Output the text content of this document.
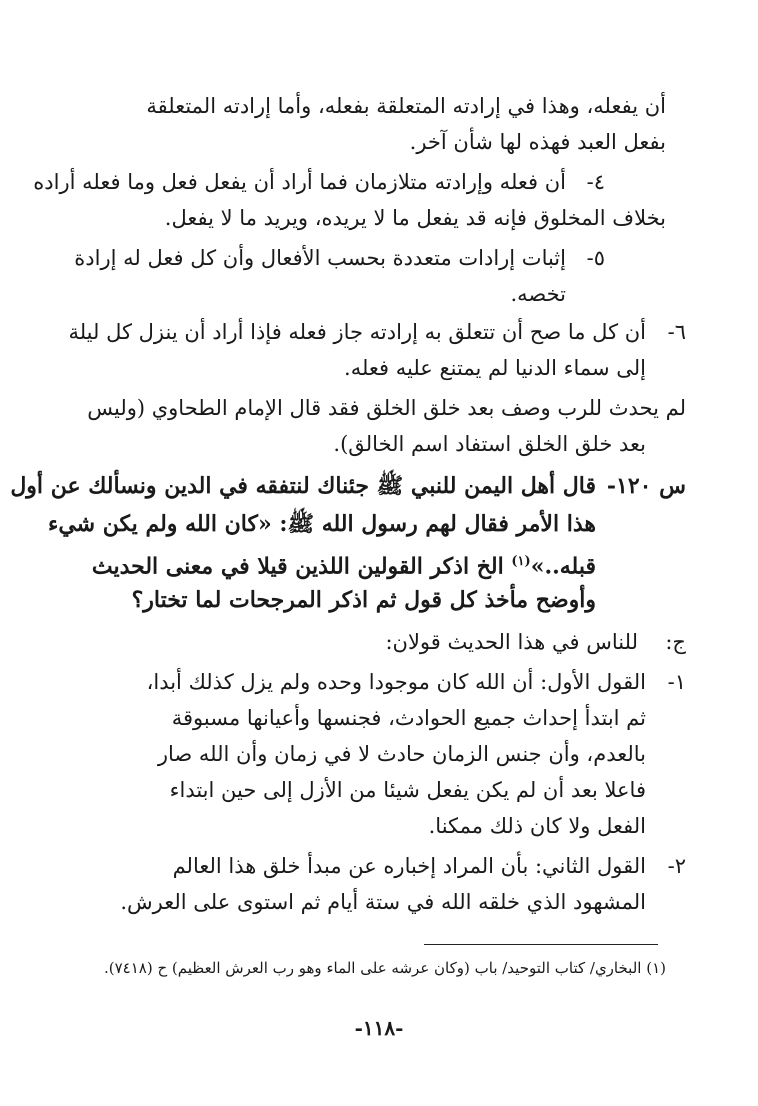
أن يفعله، وهذا في إرادته المتعلقة بفعله، وأما إرادته المتعلقة
بفعل العبد فهذه لها شأن آخر.
٤-
أن فعله وإرادته متلازمان فما أراد أن يفعل فعل وما فعله أراده
بخلاف المخلوق فإنه قد يفعل ما لا يريده، ويريد ما لا يفعل.
٥-
إثبات إرادات متعددة بحسب الأفعال وأن كل فعل له إرادة
تخصه.
٦-
أن كل ما صح أن تتعلق به إرادته جاز فعله فإذا أراد أن ينزل كل ليلة
إلى سماء الدنيا لم يمتنع عليه فعله.
لم يحدث للرب وصف بعد خلق الخلق فقد قال الإمام الطحاوي (وليس
بعد خلق الخلق استفاد اسم الخالق).
س ١٢٠-
قال أهل اليمن للنبي ﷺ جئناك لنتفقه في الدين ونسألك عن أول
هذا الأمر فقال لهم رسول الله ﷺ: «كان الله ولم يكن شيء
قبله..»$^{(١)}$ الخ اذكر القولين اللذين قيلا في معنى الحديث
وأوضح مأخذ كل قول ثم اذكر المرجحات لما تختار؟
ج:
للناس في هذا الحديث قولان:
١-
القول الأول: أن الله كان موجودا وحده ولم يزل كذلك أبدا،
ثم ابتدأ إحداث جميع الحوادث، فجنسها وأعيانها مسبوقة
بالعدم، وأن جنس الزمان حادث لا في زمان وأن الله صار
فاعلا بعد أن لم يكن يفعل شيئا من الأزل إلى حين ابتداء
الفعل ولا كان ذلك ممكنا.
٢-
القول الثاني: بأن المراد إخباره عن مبدأ خلق هذا العالم
المشهود الذي خلقه الله في ستة أيام ثم استوى على العرش.
(١) البخاري/ كتاب التوحيد/ باب (وكان عرشه على الماء وهو رب العرش العظيم) ح (٧٤١٨).
-١١٨-
